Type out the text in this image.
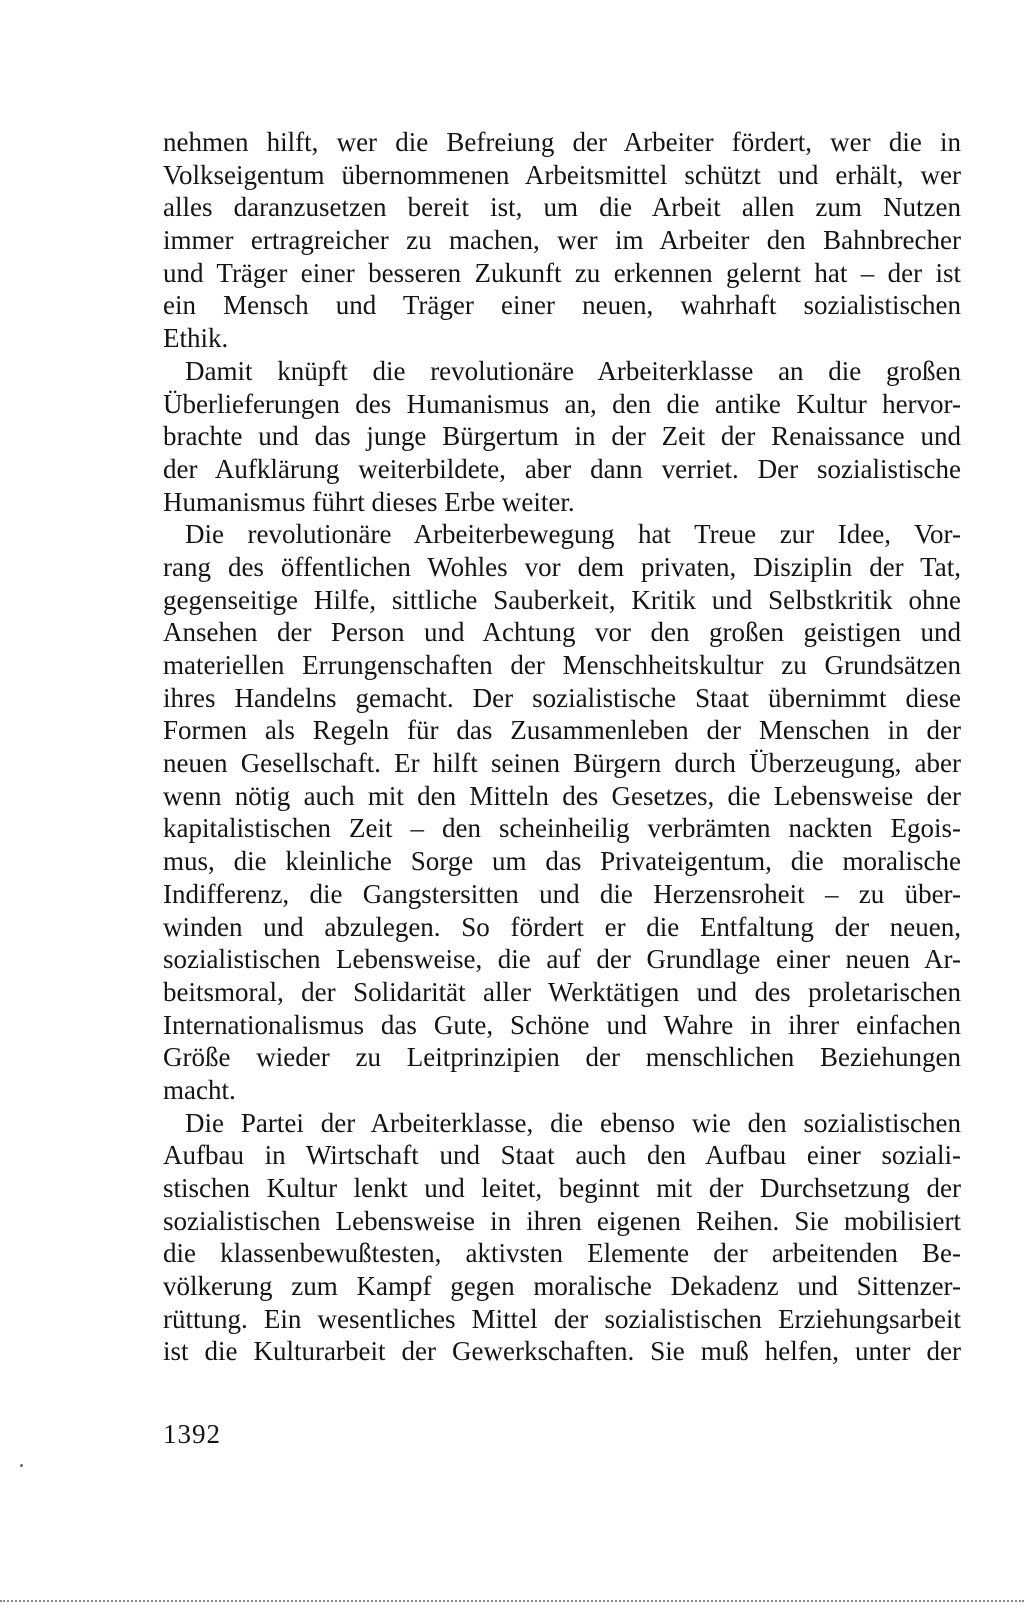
nehmen hilft, wer die Befreiung der Arbeiter fördert, wer die in
Volkseigentum übernommenen Arbeitsmittel schützt und erhält, wer
alles daranzusetzen bereit ist, um die Arbeit allen zum Nutzen
immer ertragreicher zu machen, wer im Arbeiter den Bahnbrecher
und Träger einer besseren Zukunft zu erkennen gelernt hat – der ist
ein Mensch und Träger einer neuen, wahrhaft sozialistischen
Ethik.
Damit knüpft die revolutionäre Arbeiterklasse an die großen
Überlieferungen des Humanismus an, den die antike Kultur hervor-
brachte und das junge Bürgertum in der Zeit der Renaissance und
der Aufklärung weiterbildete, aber dann verriet. Der sozialistische
Humanismus führt dieses Erbe weiter.
Die revolutionäre Arbeiterbewegung hat Treue zur Idee, Vor-
rang des öffentlichen Wohles vor dem privaten, Disziplin der Tat,
gegenseitige Hilfe, sittliche Sauberkeit, Kritik und Selbstkritik ohne
Ansehen der Person und Achtung vor den großen geistigen und
materiellen Errungenschaften der Menschheitskultur zu Grundsätzen
ihres Handelns gemacht. Der sozialistische Staat übernimmt diese
Formen als Regeln für das Zusammenleben der Menschen in der
neuen Gesellschaft. Er hilft seinen Bürgern durch Überzeugung, aber
wenn nötig auch mit den Mitteln des Gesetzes, die Lebensweise der
kapitalistischen Zeit – den scheinheilig verbrämten nackten Egois-
mus, die kleinliche Sorge um das Privateigentum, die moralische
Indifferenz, die Gangstersitten und die Herzensroheit – zu über-
winden und abzulegen. So fördert er die Entfaltung der neuen,
sozialistischen Lebensweise, die auf der Grundlage einer neuen Ar-
beitsmoral, der Solidarität aller Werktätigen und des proletarischen
Internationalismus das Gute, Schöne und Wahre in ihrer einfachen
Größe wieder zu Leitprinzipien der menschlichen Beziehungen
macht.
Die Partei der Arbeiterklasse, die ebenso wie den sozialistischen
Aufbau in Wirtschaft und Staat auch den Aufbau einer soziali-
stischen Kultur lenkt und leitet, beginnt mit der Durchsetzung der
sozialistischen Lebensweise in ihren eigenen Reihen. Sie mobilisiert
die klassenbewußtesten, aktivsten Elemente der arbeitenden Be-
völkerung zum Kampf gegen moralische Dekadenz und Sittenzer-
rüttung. Ein wesentliches Mittel der sozialistischen Erziehungsarbeit
ist die Kulturarbeit der Gewerkschaften. Sie muß helfen, unter der
1392
